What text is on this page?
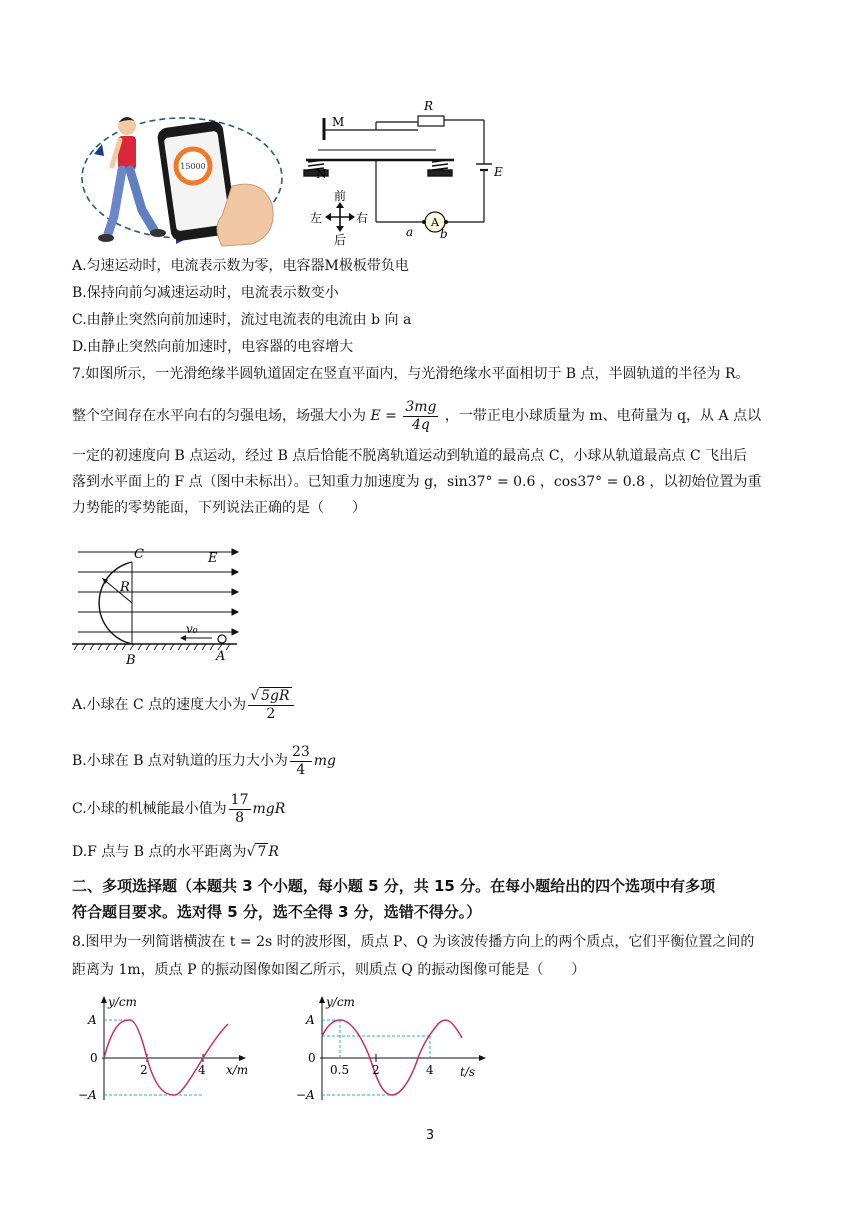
15000
A
a b
M
N
R
E
前
后
左	右
A.匀速运动时，电流表示数为零，电容器M极板带负电
B.保持向前匀减速运动时，电流表示数变小
C.由静止突然向前加速时，流过电流表的电流由 b 向 a
D.由静止突然向前加速时，电容器的电容增大
7.如图所示，一光滑绝缘半圆轨道固定在竖直平面内，与光滑绝缘水平面相切于 B 点，半圆轨道的半径为 R。
整个空间存在水平向右的匀强电场，场强大小为 $E = \frac{3mg}{4q}$ ，一带正电小球质量为 m、电荷量为 q，从 A 点以
一定的初速度向 B 点运动，经过 B 点后恰能不脱离轨道运动到轨道的最高点 C，小球从轨道最高点 C 飞出后
落到水平面上的 F 点（图中未标出）。已知重力加速度为 g，sin37° = 0.6 ，cos37° = 0.8 ，以初始位置为重
力势能的零势能面，下列说法正确的是（　　）
C	E
R
v₀
B	A
A.小球在 C 点的速度大小为 $\frac{√ 5gR}{2}$
B.小球在 B 点对轨道的压力大小为 $\frac{23}{4}$ mg
C.小球的机械能最小值为 $\frac{17}{8}$ mgR
D.F 点与 B 点的水平距离为√ 7 R
二、多项选择题（本题共 3 个小题，每小题 5 分，共 15 分。在每小题给出的四个选项中有多项
符合题目要求。选对得 5 分，选不全得 3 分，选错不得分。）
8.图甲为一列简谐横波在 t = 2s 时的波形图，质点 P、Q 为该波传播方向上的两个质点，它们平衡位置之间的
距离为 1m，质点 P 的振动图像如图乙所示，则质点 Q 的振动图像可能是（　　）
y/cm
x/m
A
−A
0
2	4
y/cm
t/s
A
−A
0
0.5 2	4
3
